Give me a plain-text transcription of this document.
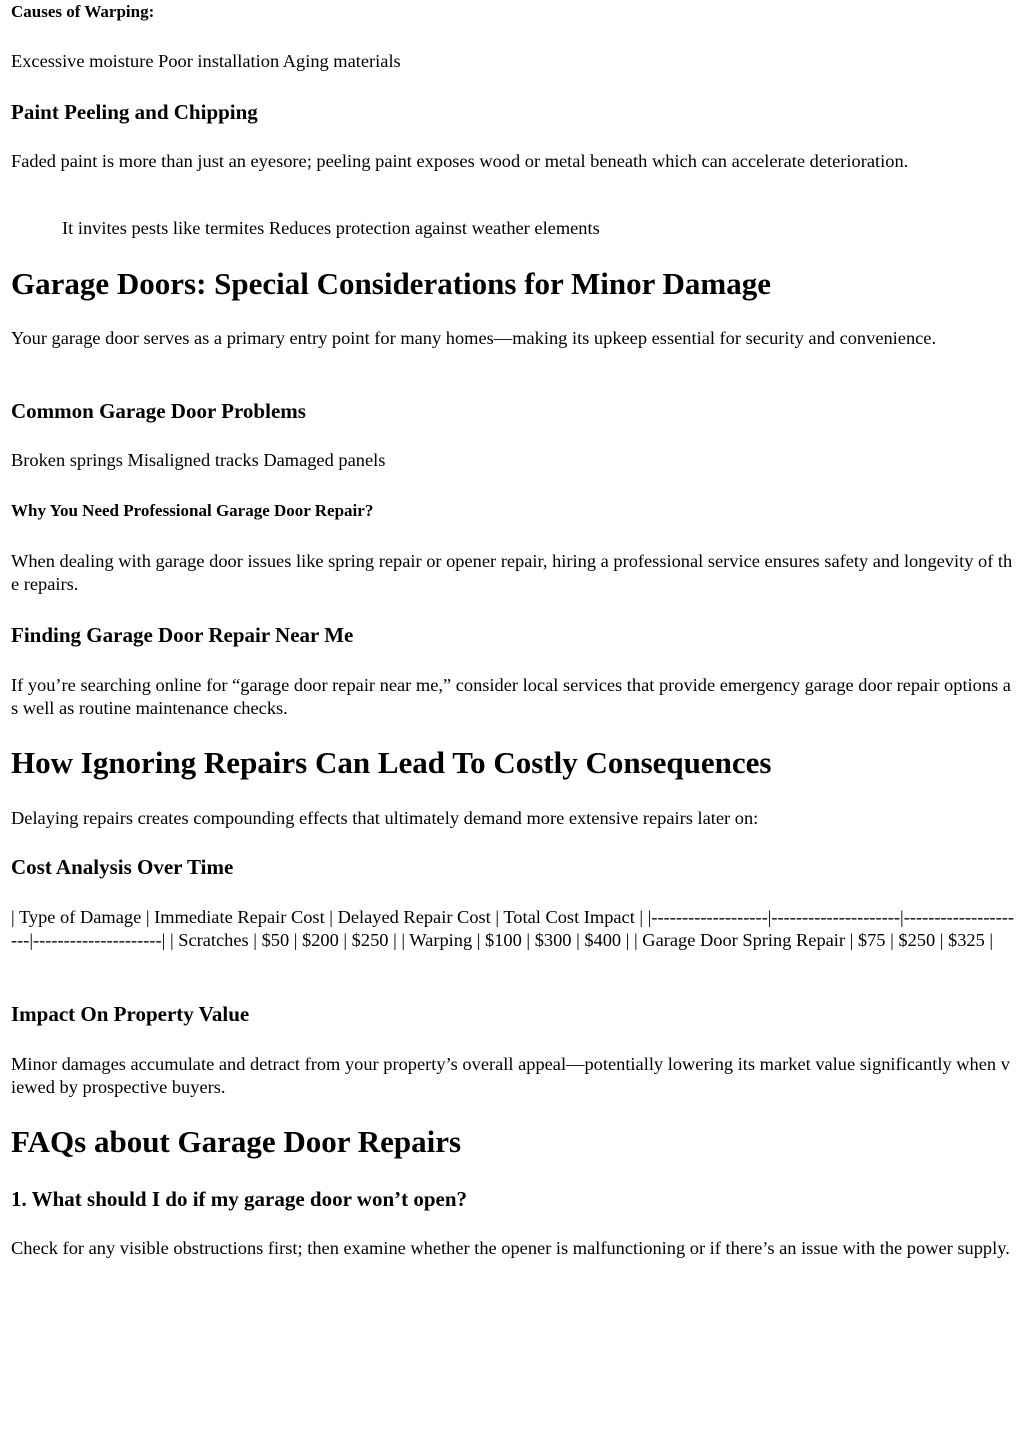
Causes of Warping:

Excessive moisture Poor installation Aging materials

Paint Peeling and Chipping

Faded paint is more than just an eyesore; peeling paint exposes wood or metal beneath which can accelerate deterioration.

It invites pests like termites Reduces protection against weather elements

Garage Doors: Special Considerations for Minor Damage

Your garage door serves as a primary entry point for many homes—making its upkeep essential for security and convenience.

Common Garage Door Problems

Broken springs Misaligned tracks Damaged panels

Why You Need Professional Garage Door Repair?

When dealing with garage door issues like spring repair or opener repair, hiring a professional service ensures safety and longevity of the repairs.

Finding Garage Door Repair Near Me

If you’re searching online for “garage door repair near me,” consider local services that provide emergency garage door repair options as well as routine maintenance checks.

How Ignoring Repairs Can Lead To Costly Consequences

Delaying repairs creates compounding effects that ultimately demand more extensive repairs later on:

Cost Analysis Over Time

| Type of Damage | Immediate Repair Cost | Delayed Repair Cost | Total Cost Impact | |-------------------|---------------------|---------------------|---------------------| | Scratches | $50 | $200 | $250 | | Warping | $100 | $300 | $400 | | Garage Door Spring Repair | $75 | $250 | $325 |

Impact On Property Value

Minor damages accumulate and detract from your property’s overall appeal—potentially lowering its market value significantly when viewed by prospective buyers.

FAQs about Garage Door Repairs
1. What should I do if my garage door won’t open?

Check for any visible obstructions first; then examine whether the opener is malfunctioning or if there’s an issue with the power supply.
